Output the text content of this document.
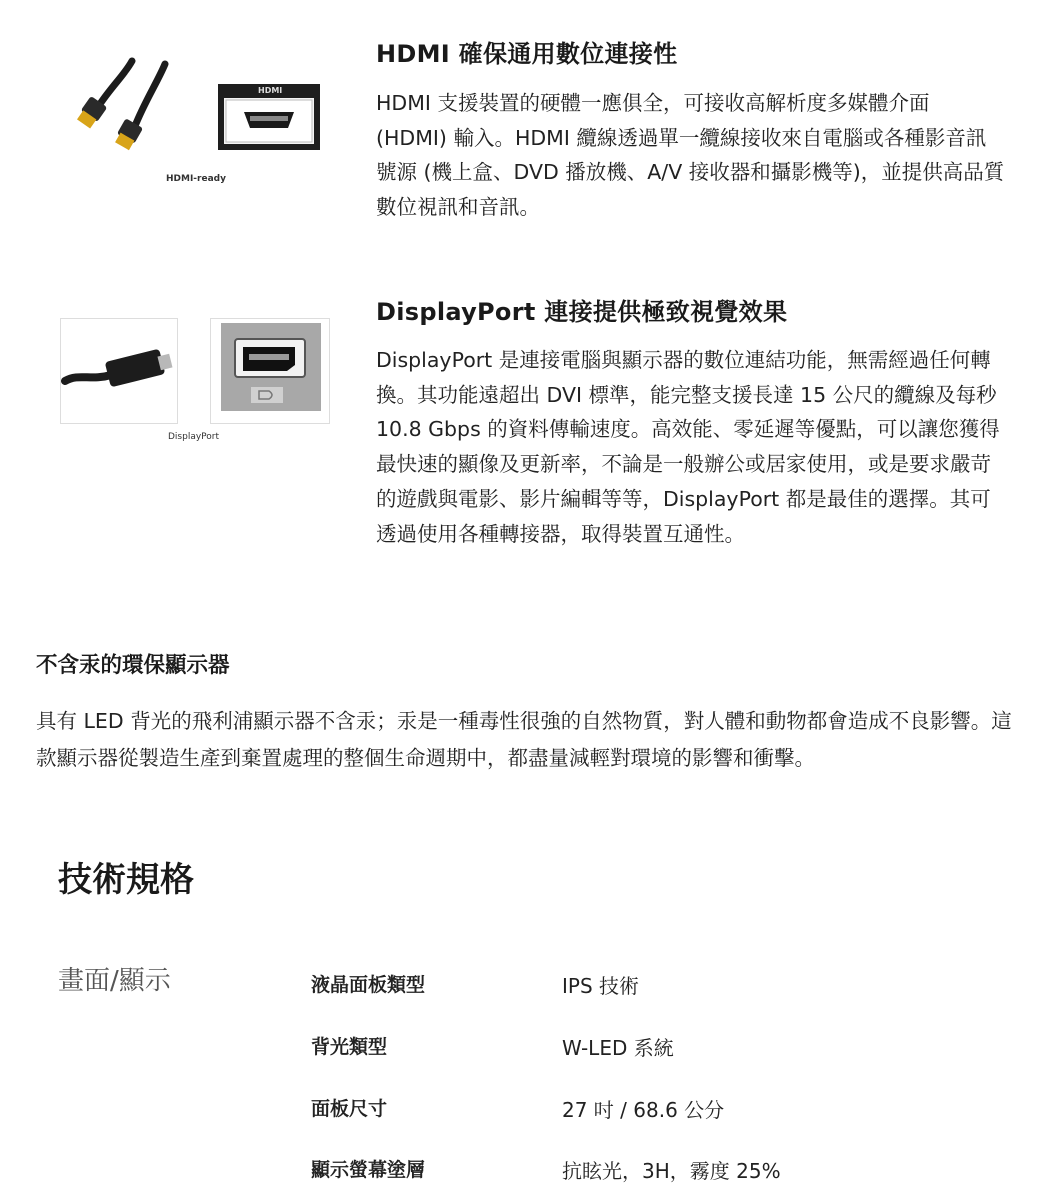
HDMI
HDMI-ready
HDMI 確保通用數位連接性

HDMI 支援裝置的硬體一應俱全，可接收高解析度多媒體介面 (HDMI) 輸入。HDMI 纜線透過單一纜線接收來自電腦或各種影音訊號源 (機上盒、DVD 播放機、A/V 接收器和攝影機等)，並提供高品質數位視訊和音訊。

DisplayPort
DisplayPort 連接提供極致視覺效果

DisplayPort 是連接電腦與顯示器的數位連結功能，無需經過任何轉換。其功能遠超出 DVI 標準，能完整支援長達 15 公尺的纜線及每秒 10.8 Gbps 的資料傳輸速度。高效能、零延遲等優點，可以讓您獲得最快速的顯像及更新率，不論是一般辦公或居家使用，或是要求嚴苛的遊戲與電影、影片編輯等等，DisplayPort 都是最佳的選擇。其可透過使用各種轉接器，取得裝置互通性。

不含汞的環保顯示器

具有 LED 背光的飛利浦顯示器不含汞；汞是一種毒性很強的自然物質，對人體和動物都會造成不良影響。這款顯示器從製造生產到棄置處理的整個生命週期中，都盡量減輕對環境的影響和衝擊。

技術規格
畫面/顯示	液晶面板類型	IPS 技術
背光類型	W-LED 系統
面板尺寸	27 吋 / 68.6 公分
顯示螢幕塗層	抗眩光，3H，霧度 25%
